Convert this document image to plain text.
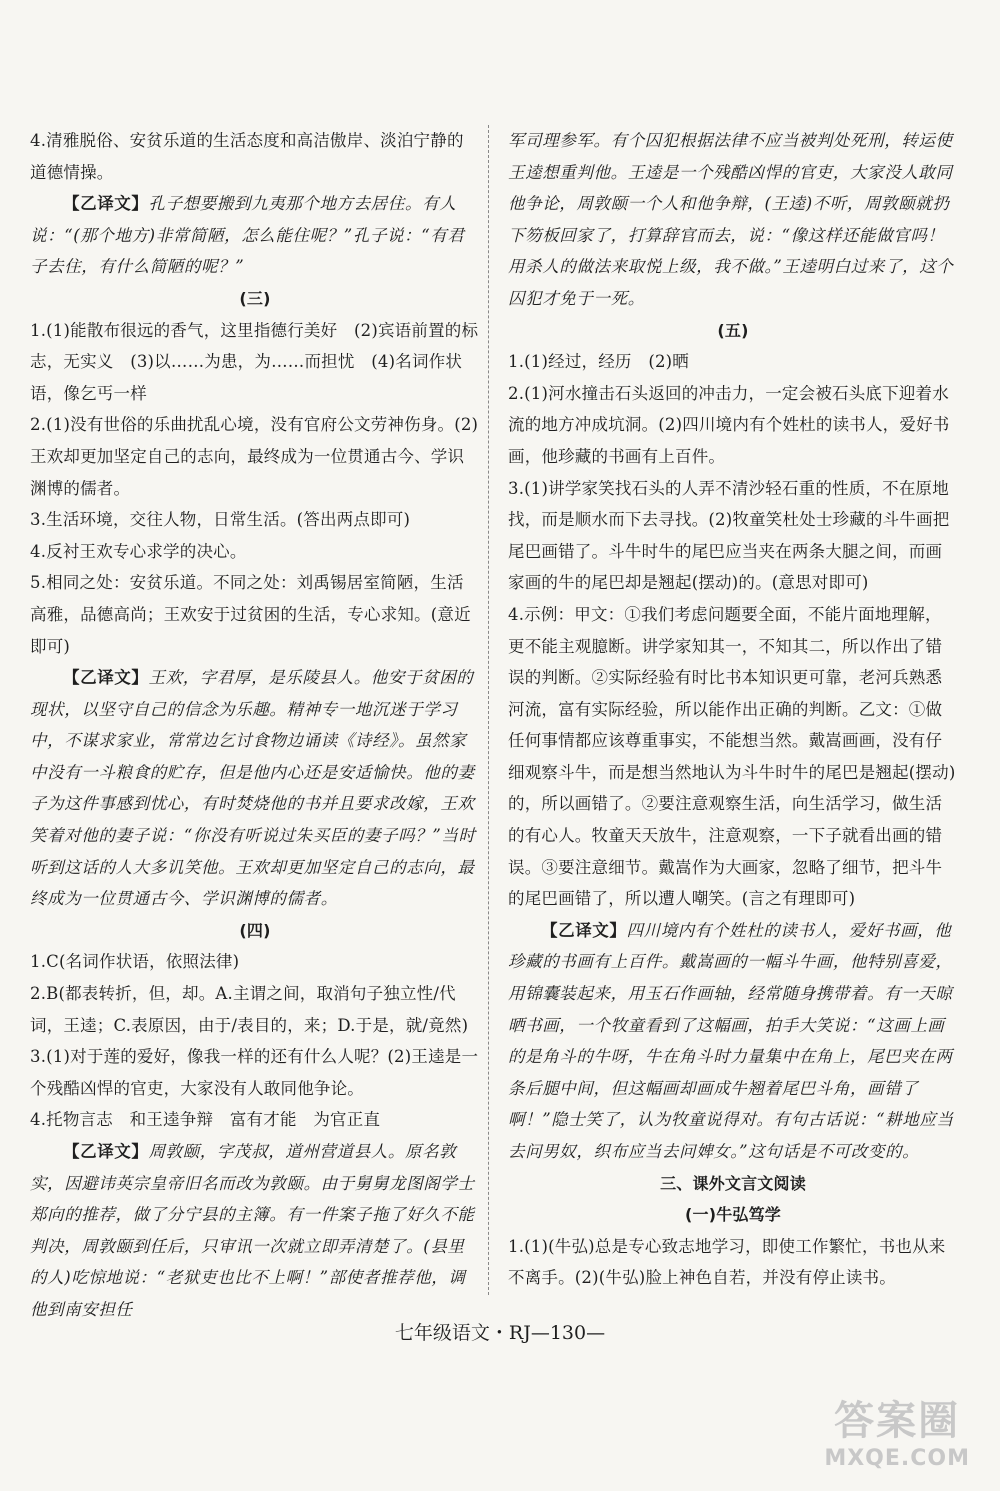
4.清雅脱俗、安贫乐道的生活态度和高洁傲岸、淡泊宁静的道德情操。

【乙译文】孔子想要搬到九夷那个地方去居住。有人说：“(那个地方)非常简陋，怎么能住呢？”孔子说：“有君子去住，有什么简陋的呢？”

(三)

1.(1)能散布很远的香气，这里指德行美好　(2)宾语前置的标志，无实义　(3)以……为患，为……而担忧　(4)名词作状语，像乞丐一样

2.(1)没有世俗的乐曲扰乱心境，没有官府公文劳神伤身。(2)王欢却更加坚定自己的志向，最终成为一位贯通古今、学识渊博的儒者。

3.生活环境，交往人物，日常生活。(答出两点即可)

4.反衬王欢专心求学的决心。

5.相同之处：安贫乐道。不同之处：刘禹锡居室简陋，生活高雅，品德高尚；王欢安于过贫困的生活，专心求知。(意近即可)

【乙译文】王欢，字君厚，是乐陵县人。他安于贫困的现状，以坚守自己的信念为乐趣。精神专一地沉迷于学习中，不谋求家业，常常边乞讨食物边诵读《诗经》。虽然家中没有一斗粮食的贮存，但是他内心还是安适愉快。他的妻子为这件事感到忧心，有时焚烧他的书并且要求改嫁，王欢笑着对他的妻子说：“你没有听说过朱买臣的妻子吗？”当时听到这话的人大多讥笑他。王欢却更加坚定自己的志向，最终成为一位贯通古今、学识渊博的儒者。

(四)

1.C(名词作状语，依照法律)

2.B(都表转折，但，却。A.主谓之间，取消句子独立性/代词，王逵；C.表原因，由于/表目的，来；D.于是，就/竟然)

3.(1)对于莲的爱好，像我一样的还有什么人呢？(2)王逵是一个残酷凶悍的官吏，大家没有人敢同他争论。

4.托物言志　和王逵争辩　富有才能　为官正直

【乙译文】周敦颐，字茂叔，道州营道县人。原名敦实，因避讳英宗皇帝旧名而改为敦颐。由于舅舅龙图阁学士郑向的推荐，做了分宁县的主簿。有一件案子拖了好久不能判决，周敦颐到任后，只审讯一次就立即弄清楚了。(县里的人)吃惊地说：“老狱吏也比不上啊！”部使者推荐他，调他到南安担任

军司理参军。有个囚犯根据法律不应当被判处死刑，转运使王逵想重判他。王逵是一个残酷凶悍的官吏，大家没人敢同他争论，周敦颐一个人和他争辩，(王逵)不听，周敦颐就扔下笏板回家了，打算辞官而去，说：“像这样还能做官吗！用杀人的做法来取悦上级，我不做。”王逵明白过来了，这个囚犯才免于一死。

(五)

1.(1)经过，经历　(2)晒

2.(1)河水撞击石头返回的冲击力，一定会被石头底下迎着水流的地方冲成坑洞。(2)四川境内有个姓杜的读书人，爱好书画，他珍藏的书画有上百件。

3.(1)讲学家笑找石头的人弄不清沙轻石重的性质，不在原地找，而是顺水而下去寻找。(2)牧童笑杜处士珍藏的斗牛画把尾巴画错了。斗牛时牛的尾巴应当夹在两条大腿之间，而画家画的牛的尾巴却是翘起(摆动)的。(意思对即可)

4.示例：甲文：①我们考虑问题要全面，不能片面地理解，更不能主观臆断。讲学家知其一，不知其二，所以作出了错误的判断。②实际经验有时比书本知识更可靠，老河兵熟悉河流，富有实际经验，所以能作出正确的判断。乙文：①做任何事情都应该尊重事实，不能想当然。戴嵩画画，没有仔细观察斗牛，而是想当然地认为斗牛时牛的尾巴是翘起(摆动)的，所以画错了。②要注意观察生活，向生活学习，做生活的有心人。牧童天天放牛，注意观察，一下子就看出画的错误。③要注意细节。戴嵩作为大画家，忽略了细节，把斗牛的尾巴画错了，所以遭人嘲笑。(言之有理即可)

【乙译文】四川境内有个姓杜的读书人，爱好书画，他珍藏的书画有上百件。戴嵩画的一幅斗牛画，他特别喜爱，用锦囊装起来，用玉石作画轴，经常随身携带着。有一天晾晒书画，一个牧童看到了这幅画，拍手大笑说：“这画上画的是角斗的牛呀，牛在角斗时力量集中在角上，尾巴夹在两条后腿中间，但这幅画却画成牛翘着尾巴斗角，画错了啊！”隐士笑了，认为牧童说得对。有句古话说：“耕地应当去问男奴，织布应当去问婢女。”这句话是不可改变的。

三、课外文言文阅读

(一)牛弘笃学

1.(1)(牛弘)总是专心致志地学习，即使工作繁忙，书也从来不离手。(2)(牛弘)脸上神色自若，并没有停止读书。

七年级语文・RJ—130—
答案圈
MXQE.COM
